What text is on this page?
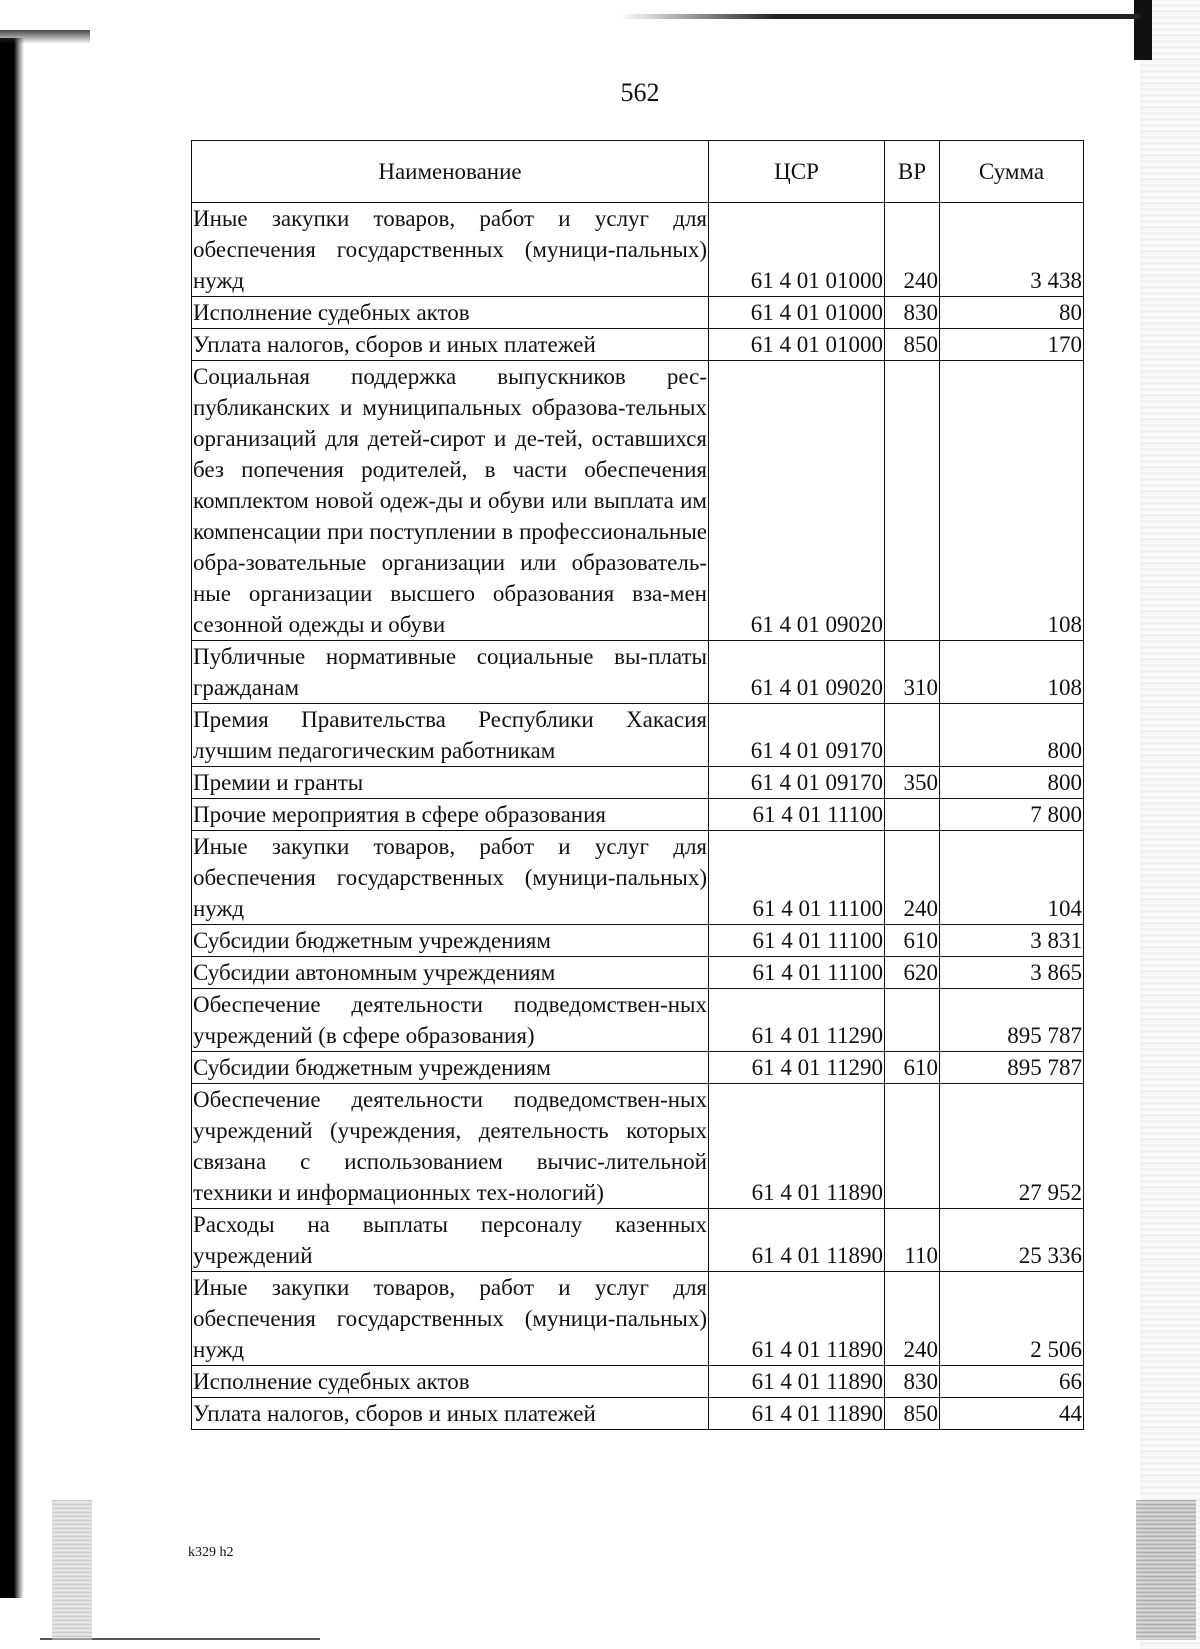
562
Наименование	ЦСР	ВР	Сумма
Иные закупки товаров, работ и услуг для обеспечения государственных (муници-пальных) нужд	61 4 01 01000	240	3 438
Исполнение судебных актов	61 4 01 01000	830	80
Уплата налогов, сборов и иных платежей	61 4 01 01000	850	170
Социальная поддержка выпускников рес-публиканских и муниципальных образова-тельных организаций для детей-сирот и де-тей, оставшихся без попечения родителей, в части обеспечения комплектом новой одеж-ды и обуви или выплата им компенсации при поступлении в профессиональные обра-зовательные организации или образователь-ные организации высшего образования вза-мен сезонной одежды и обуви	61 4 01 09020		108
Публичные нормативные социальные вы-платы гражданам	61 4 01 09020	310	108
Премия Правительства Республики Хакасия лучшим педагогическим работникам	61 4 01 09170		800
Премии и гранты	61 4 01 09170	350	800
Прочие мероприятия в сфере образования	61 4 01 11100		7 800
Иные закупки товаров, работ и услуг для обеспечения государственных (муници-пальных) нужд	61 4 01 11100	240	104
Субсидии бюджетным учреждениям	61 4 01 11100	610	3 831
Субсидии автономным учреждениям	61 4 01 11100	620	3 865
Обеспечение деятельности подведомствен-ных учреждений (в сфере образования)	61 4 01 11290		895 787
Субсидии бюджетным учреждениям	61 4 01 11290	610	895 787
Обеспечение деятельности подведомствен-ных учреждений (учреждения, деятельность которых связана с использованием вычис-лительной техники и информационных тех-нологий)	61 4 01 11890		27 952
Расходы на выплаты персоналу казенных учреждений	61 4 01 11890	110	25 336
Иные закупки товаров, работ и услуг для обеспечения государственных (муници-пальных) нужд	61 4 01 11890	240	2 506
Исполнение судебных актов	61 4 01 11890	830	66
Уплата налогов, сборов и иных платежей	61 4 01 11890	850	44
k329 h2
